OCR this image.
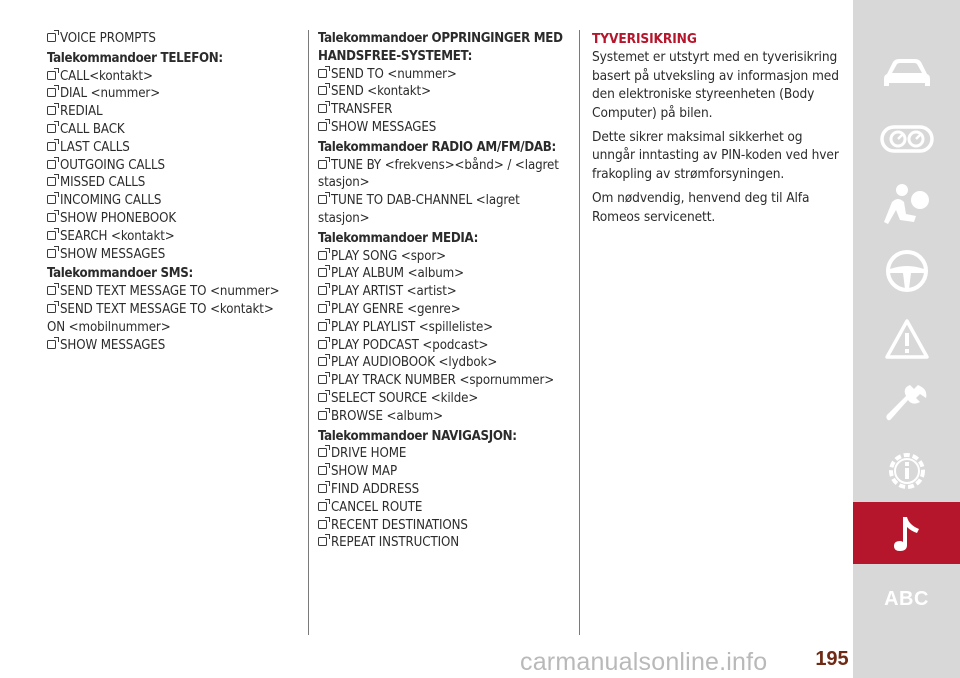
VOICE PROMPTS
Talekommandoer TELEFON:
CALL<kontakt>
DIAL <nummer>
REDIAL
CALL BACK
LAST CALLS
OUTGOING CALLS
MISSED CALLS
INCOMING CALLS
SHOW PHONEBOOK
SEARCH <kontakt>
SHOW MESSAGES
Talekommandoer SMS:
SEND TEXT MESSAGE TO <nummer>
SEND TEXT MESSAGE TO <kontakt>
ON <mobilnummer>
SHOW MESSAGES
Talekommandoer OPPRINGINGER MED HANDSFREE-SYSTEMET:
SEND TO <nummer>
SEND <kontakt>
TRANSFER
SHOW MESSAGES
Talekommandoer RADIO AM/FM/DAB:
TUNE BY <frekvens><bånd> / <lagret stasjon>
TUNE TO DAB-CHANNEL <lagret stasjon>
Talekommandoer MEDIA:
PLAY SONG <spor>
PLAY ALBUM <album>
PLAY ARTIST <artist>
PLAY GENRE <genre>
PLAY PLAYLIST <spilleliste>
PLAY PODCAST <podcast>
PLAY AUDIOBOOK <lydbok>
PLAY TRACK NUMBER <spornummer>
SELECT SOURCE <kilde>
BROWSE <album>
Talekommandoer NAVIGASJON:
DRIVE HOME
SHOW MAP
FIND ADDRESS
CANCEL ROUTE
RECENT DESTINATIONS
REPEAT INSTRUCTION
TYVERISIKRING
Systemet er utstyrt med en tyverisikring basert på utveksling av informasjon med den elektroniske styreenheten (Body Computer) på bilen.
Dette sikrer maksimal sikkerhet og unngår inntasting av PIN-koden ved hver frakopling av strømforsyningen.
Om nødvendig, henvend deg til Alfa Romeos servicenett.
ABC
carmanualsonline.info 195
